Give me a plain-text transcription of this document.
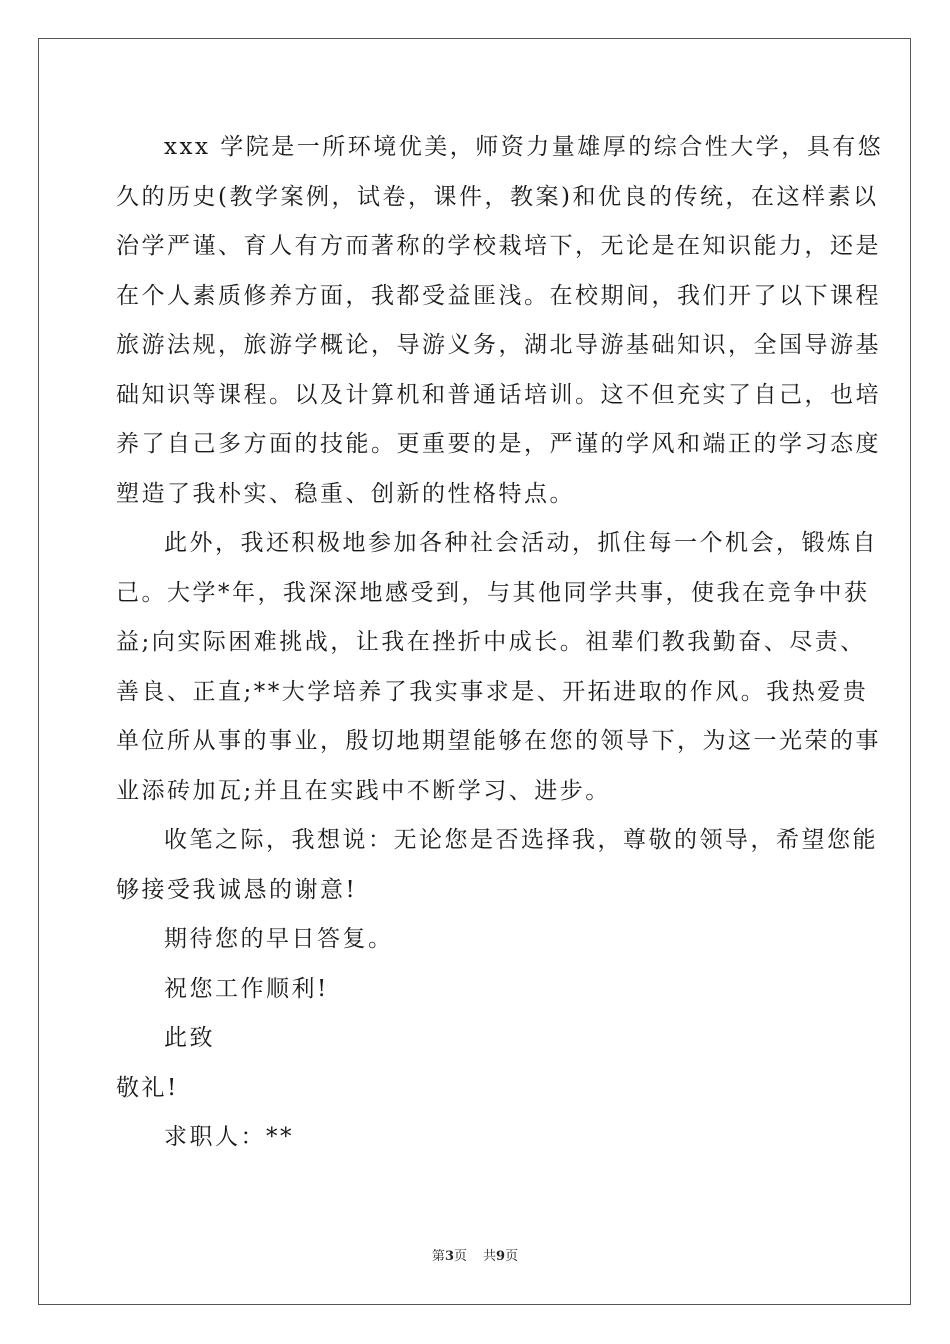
xxx 学院是一所环境优美，师资力量雄厚的综合性大学，具有悠
久的历史(教学案例，试卷，课件，教案)和优良的传统，在这样素以
治学严谨、育人有方而著称的学校栽培下，无论是在知识能力，还是
在个人素质修养方面，我都受益匪浅。在校期间，我们开了以下课程
旅游法规，旅游学概论，导游义务，湖北导游基础知识，全国导游基
础知识等课程。以及计算机和普通话培训。这不但充实了自己，也培
养了自己多方面的技能。更重要的是，严谨的学风和端正的学习态度
塑造了我朴实、稳重、创新的性格特点。
此外，我还积极地参加各种社会活动，抓住每一个机会，锻炼自
己。大学*年，我深深地感受到，与其他同学共事，使我在竞争中获
益;向实际困难挑战，让我在挫折中成长。祖辈们教我勤奋、尽责、
善良、正直;**大学培养了我实事求是、开拓进取的作风。我热爱贵
单位所从事的事业，殷切地期望能够在您的领导下，为这一光荣的事
业添砖加瓦;并且在实践中不断学习、进步。
收笔之际，我想说：无论您是否选择我，尊敬的领导，希望您能
够接受我诚恳的谢意!
期待您的早日答复。
祝您工作顺利!
此致
敬礼!
求职人：**
第3页 共9页
